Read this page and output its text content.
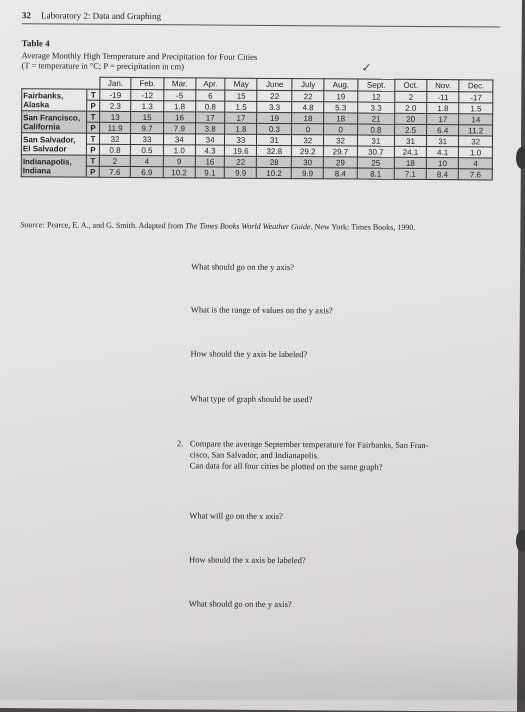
32 Laboratory 2: Data and Graphing
Table 4
Average Monthly High Temperature and Precipitation for Four Cities
(T = temperature in °C; P = precipitation in cm)	✓
		Jan.	Feb.	Mar.	Apr.	May	June	July	Aug.	Sept.	Oct.	Nov.	Dec.

Fairbanks,
Alaska	T	-19	-12	-5	6	15	22	22	19	12	2	-11	-17
	P	2.3	1.3	1.8	0.8	1.5	3.3	4.8	5.3	3.3	2.0	1.8	1.5

San Francisco,
California	T	13	15	16	17	17	19	18	18	21	20	17	14
	P	11.9	9.7	7.9	3.8	1.8	0.3	0	0	0.8	2.5	6.4	11.2

San Salvador,
El Salvador	T	32	33	34	34	33	31	32	32	31	31	31	32
	P	0.8	0.5	1.0	4.3	19.6	32.8	29.2	29.7	30.7	24.1	4.1	1.0

Indianapolis,
Indiana	T	2	4	9	16	22	28	30	29	25	18	10	4
	P	7.6	6.9	10.2	9.1	9.9	10.2	9.9	8.4	8.1	7.1	8.4	7.6
Source: Pearce, E. A., and G. Smith. Adapted from The Times Books World Weather Guide. New York: Times Books, 1990.
What should go on the y axis?
What is the range of values on the y axis?
How should the y axis be labeled?
What type of graph should be used?
2. Compare the average September temperature for Fairbanks, San Fran-
cisco, San Salvador, and Indianapolis.
Can data for all four cities be plotted on the same graph?
What will go on the x axis?
How should the x axis be labeled?
What should go on the y axis?
